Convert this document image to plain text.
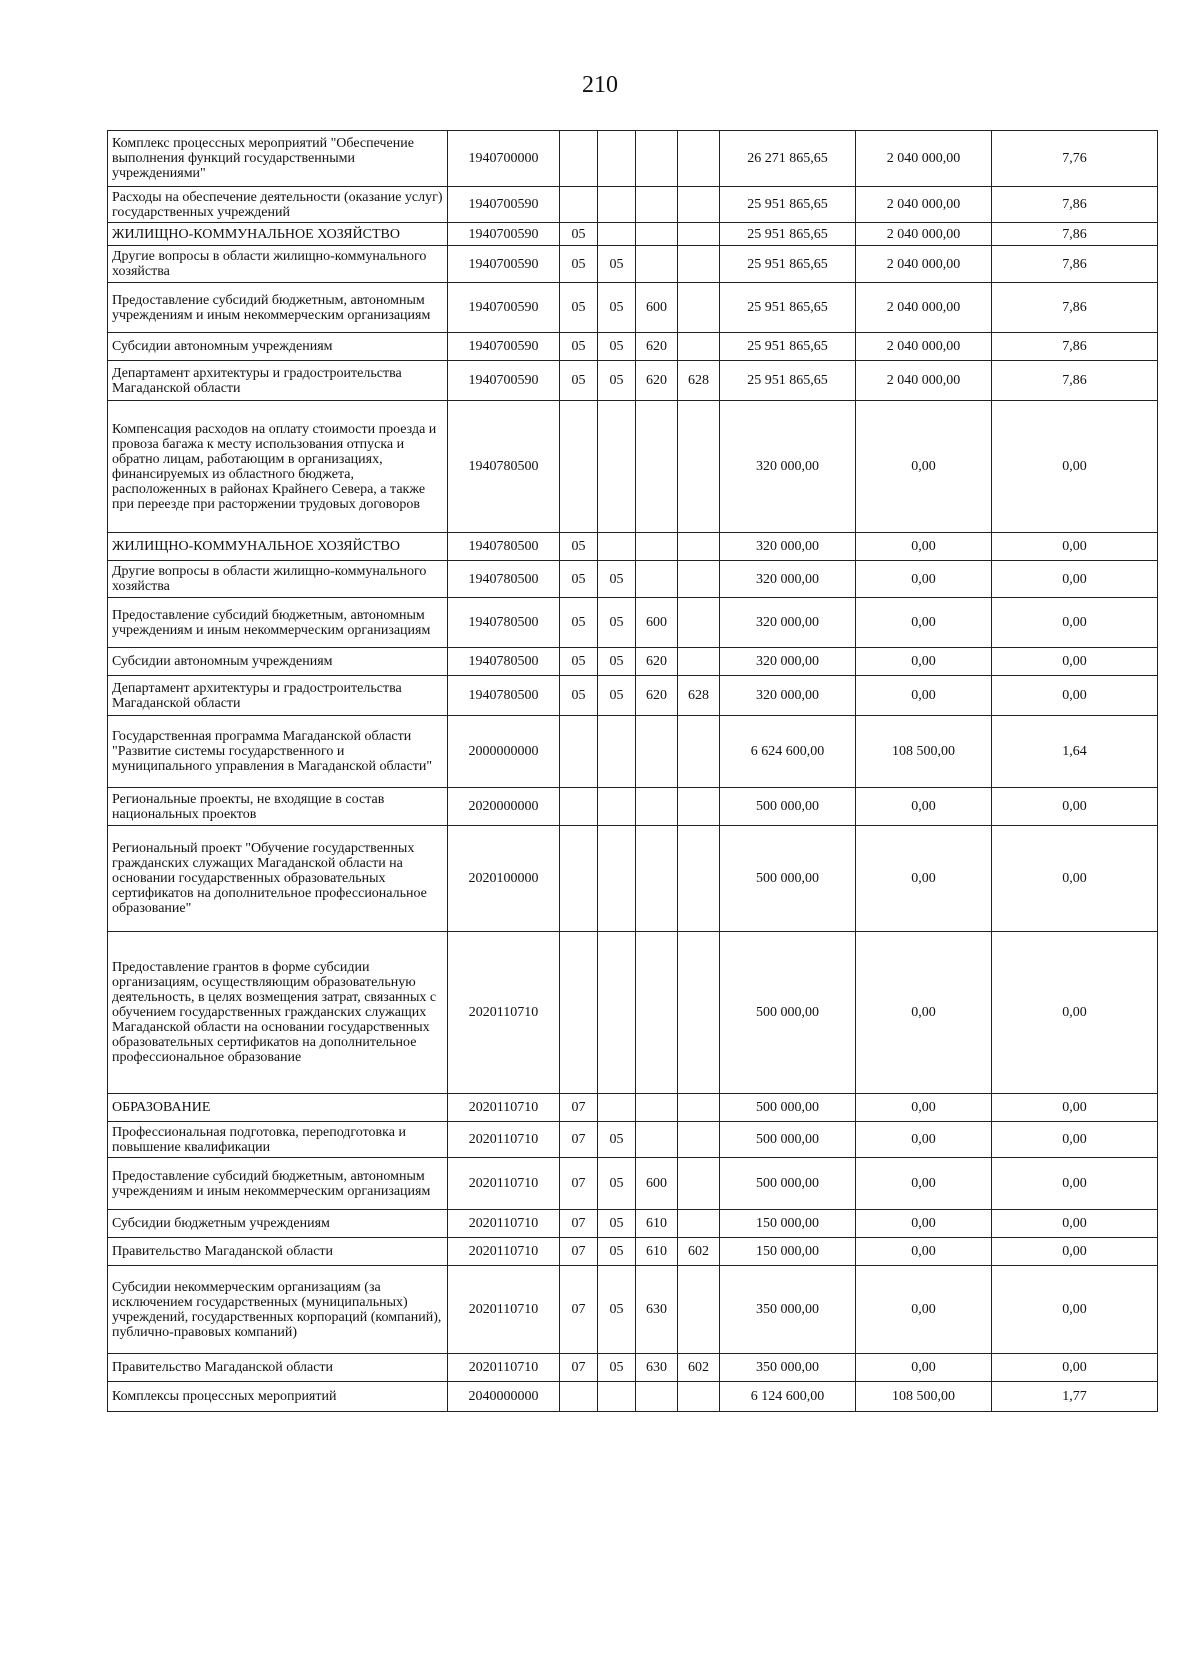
210
Комплекс процессных мероприятий "Обеспечение выполнения функций государственными учреждениями"	1940700000					26 271 865,65	2 040 000,00	7,76
Расходы на обеспечение деятельности (оказание услуг) государственных учреждений	1940700590					25 951 865,65	2 040 000,00	7,86
ЖИЛИЩНО-КОММУНАЛЬНОЕ ХОЗЯЙСТВО	1940700590	05				25 951 865,65	2 040 000,00	7,86
Другие вопросы в области жилищно-коммунального хозяйства	1940700590	05	05			25 951 865,65	2 040 000,00	7,86
Предоставление субсидий бюджетным, автономным учреждениям и иным некоммерческим организациям	1940700590	05	05	600		25 951 865,65	2 040 000,00	7,86
Субсидии автономным учреждениям	1940700590	05	05	620		25 951 865,65	2 040 000,00	7,86
Департамент архитектуры и градостроительства Магаданской области	1940700590	05	05	620	628	25 951 865,65	2 040 000,00	7,86
Компенсация расходов на оплату стоимости проезда и провоза багажа к месту использования отпуска и обратно лицам, работающим в организациях, финансируемых из областного бюджета, расположенных в районах Крайнего Севера, а также при переезде при расторжении трудовых договоров	1940780500					320 000,00	0,00	0,00
ЖИЛИЩНО-КОММУНАЛЬНОЕ ХОЗЯЙСТВО	1940780500	05				320 000,00	0,00	0,00
Другие вопросы в области жилищно-коммунального хозяйства	1940780500	05	05			320 000,00	0,00	0,00
Предоставление субсидий бюджетным, автономным учреждениям и иным некоммерческим организациям	1940780500	05	05	600		320 000,00	0,00	0,00
Субсидии автономным учреждениям	1940780500	05	05	620		320 000,00	0,00	0,00
Департамент архитектуры и градостроительства Магаданской области	1940780500	05	05	620	628	320 000,00	0,00	0,00
Государственная программа Магаданской области "Развитие системы государственного и муниципального управления в Магаданской области"	2000000000					6 624 600,00	108 500,00	1,64
Региональные проекты, не входящие в состав национальных проектов	2020000000					500 000,00	0,00	0,00
Региональный проект "Обучение государственных гражданских служащих Магаданской области на основании государственных образовательных сертификатов на дополнительное профессиональное образование"	2020100000					500 000,00	0,00	0,00
Предоставление грантов в форме субсидии организациям, осуществляющим образовательную деятельность, в целях возмещения затрат, связанных с обучением государственных гражданских служащих Магаданской области на основании государственных образовательных сертификатов на дополнительное профессиональное образование	2020110710					500 000,00	0,00	0,00
ОБРАЗОВАНИЕ	2020110710	07				500 000,00	0,00	0,00
Профессиональная подготовка, переподготовка и повышение квалификации	2020110710	07	05			500 000,00	0,00	0,00
Предоставление субсидий бюджетным, автономным учреждениям и иным некоммерческим организациям	2020110710	07	05	600		500 000,00	0,00	0,00
Субсидии бюджетным учреждениям	2020110710	07	05	610		150 000,00	0,00	0,00
Правительство Магаданской области	2020110710	07	05	610	602	150 000,00	0,00	0,00
Субсидии некоммерческим организациям (за исключением государственных (муниципальных) учреждений, государственных корпораций (компаний), публично-правовых компаний)	2020110710	07	05	630		350 000,00	0,00	0,00
Правительство Магаданской области	2020110710	07	05	630	602	350 000,00	0,00	0,00
Комплексы процессных мероприятий	2040000000					6 124 600,00	108 500,00	1,77
